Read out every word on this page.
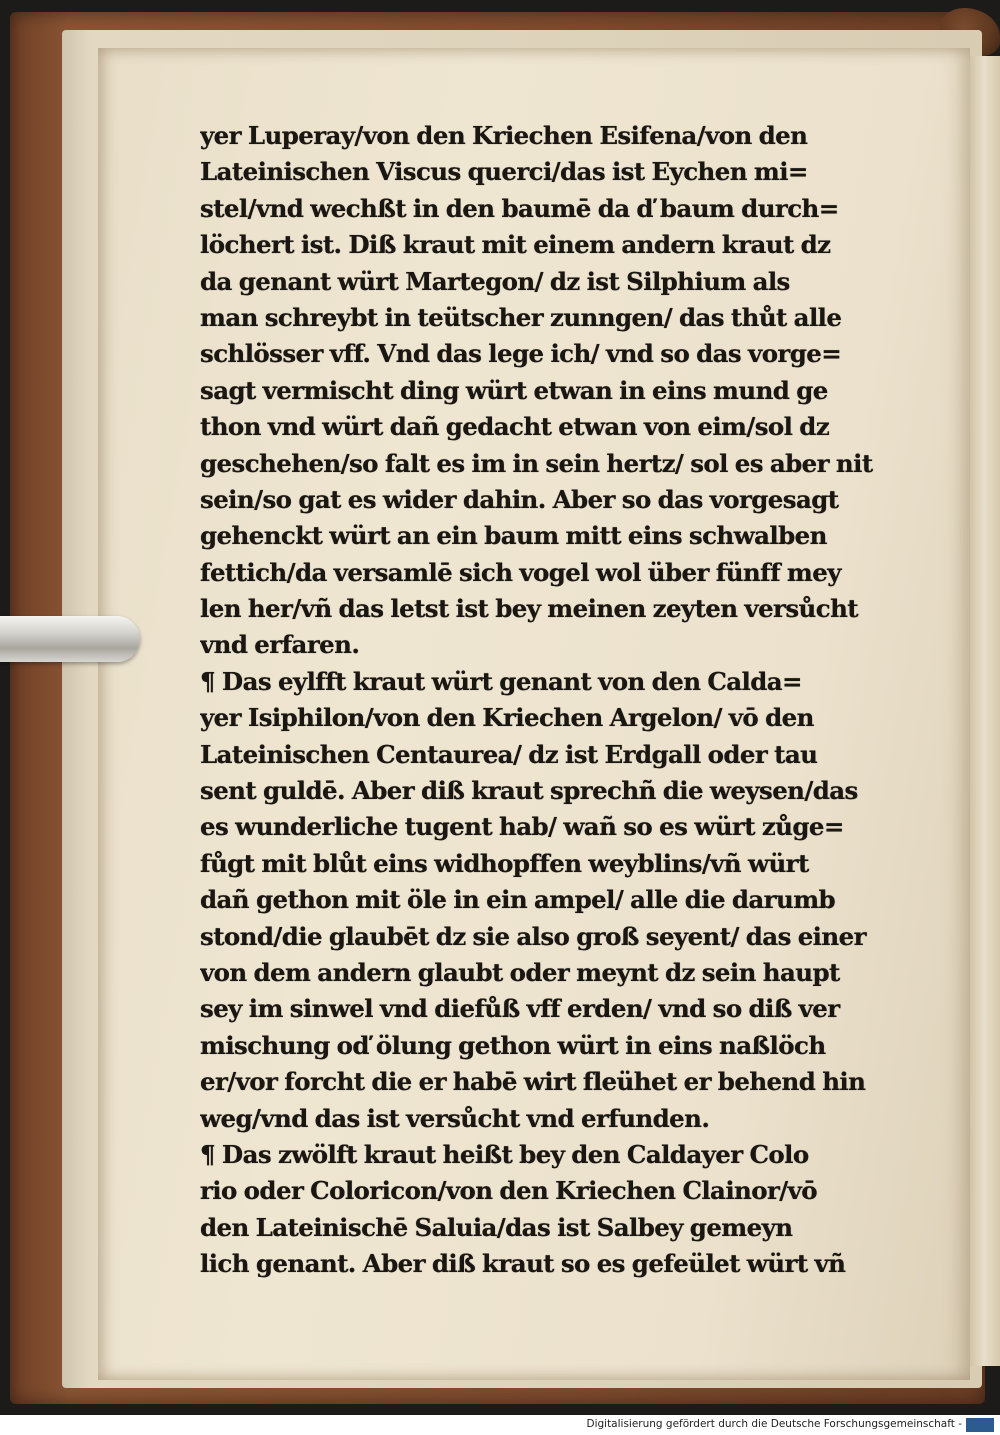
yer Luperay/von den Kriechen Esifena/von den
Lateinischen Viscus querci/das ist Eychen mi=
stel/vnd wechßt in den baumē da ď baum durch=
löchert ist. Diß kraut mit einem andern kraut dz
da genant würt Martegon/ dz ist Silphium als
man schreybt in teütscher zunngen/ das thůt alle
schlösser vff. Vnd das lege ich/ vnd so das vorge=
sagt vermischt ding würt etwan in eins mund ge
thon vnd würt dañ gedacht etwan von eim/sol dz
geschehen/so falt es im in sein hertz/ sol es aber nit
sein/so gat es wider dahin. Aber so das vorgesagt
gehenckt würt an ein baum mitt eins schwalben
fettich/da versamlē sich vogel wol über fünff mey
len her/vñ das letst ist bey meinen zeyten versůcht
vnd erfaren.
¶ Das eylfft kraut würt genant von den Calda=
yer Isiphilon/von den Kriechen Argelon/ vō den
Lateinischen Centaurea/ dz ist Erdgall oder tau
sent guldē. Aber diß kraut sprechñ die weysen/das
es wunderliche tugent hab/ wañ so es würt zůge=
fůgt mit blůt eins widhopffen weyblins/vñ würt
dañ gethon mit öle in ein ampel/ alle die darumb
stond/die glaubēt dz sie also groß seyent/ das einer
von dem andern glaubt oder meynt dz sein haupt
sey im sinwel vnd diefůß vff erden/ vnd so diß ver
mischung oď ölung gethon würt in eins naßlöch
er/vor forcht die er habē wirt fleühet er behend hin
weg/vnd das ist versůcht vnd erfunden.
¶ Das zwölft kraut heißt bey den Caldayer Colo
rio oder Coloricon/von den Kriechen Clainor/vō
den Lateinischē Saluia/das ist Salbey gemeyn
lich genant. Aber diß kraut so es gefeület würt vñ
Digitalisierung gefördert durch die Deutsche Forschungsgemeinschaft -
